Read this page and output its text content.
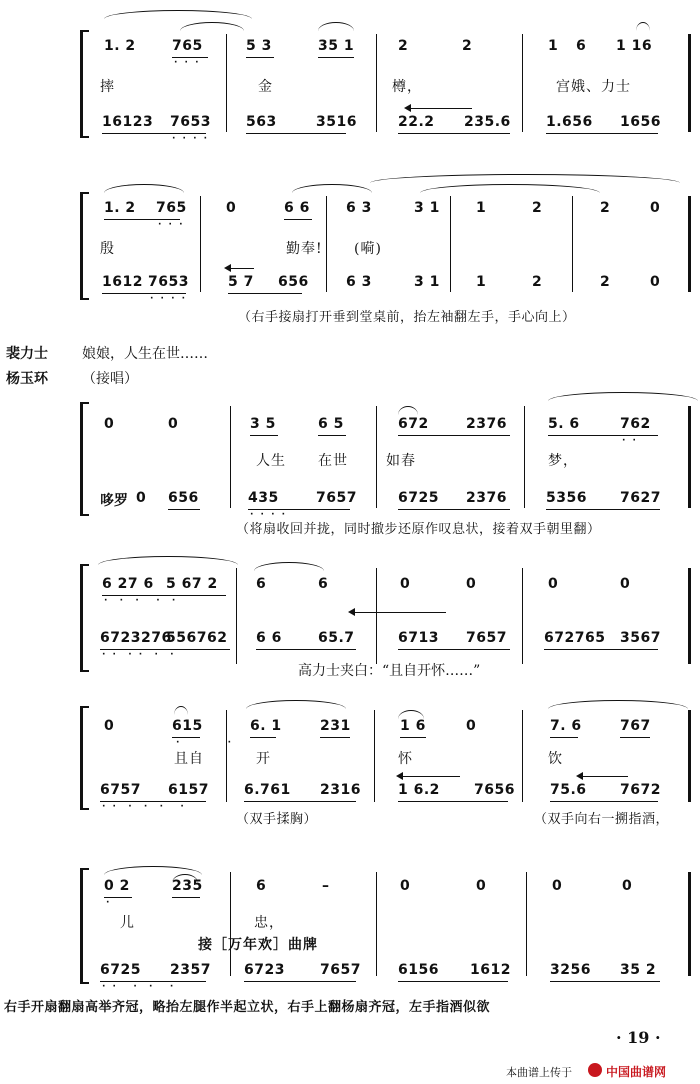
1. 2	765	5 3	35 1	2	2	1 6 1 16
· · ·
摔	金	樽，	宫娥、力士
16123 7653	563	3516	22.2 235.6	1.656 1656
· · · ·
1. 2 765	0	6 6	6 3	3 1	1	2	2	0
· · ·
殷	勤奉! (嗬)
1612 7653	5 7 656	6 3	3 1	1	2	2	0
· · · ·
（右手接扇打开垂到堂桌前，抬左袖翻左手，手心向上）
裴力士 娘娘，人生在世……
杨玉环 （接唱）
0	0	3 5	6 5	672	2376	5. 6	762
· ·
人生 在世	如春	梦，
哆罗 0 656	435	7657	6725 2376	5356 7627
· · · ·
（将扇收回并拢，同时撤步还原作叹息状，接着双手朝里翻）
6 27 6 5 67 2	6	6	0	0	0	0
·  ·  ·   ·  ·
6723276
556762 6 6	65.7	6713 7657	672765 3567
· ·  · ·  ·  ·
高力士夹白：“且自开怀……”
0	615	6. 1	231	1 6	0	7. 6	767
·         ·
且自	开	怀	饮
6757 6157	6.761 2316	1 6.2 7656	75.6 7672
· ·  ·  ·  ·   ·
（双手揉胸）	（双手向右一搠指酒，
0 2	235	6	–	0	0	0	0
·
儿	忠，
接［万年欢］曲牌
6725 2357 6723	7657	6156 1612	3256 35 2
· ·   ·  ·   ·
右手开扇翻扇高举齐冠，略抬左腿作半起立状，右手上翻杨扇齐冠，左手指酒似欲
· 19 ·
本曲谱上传于	中国曲谱网
